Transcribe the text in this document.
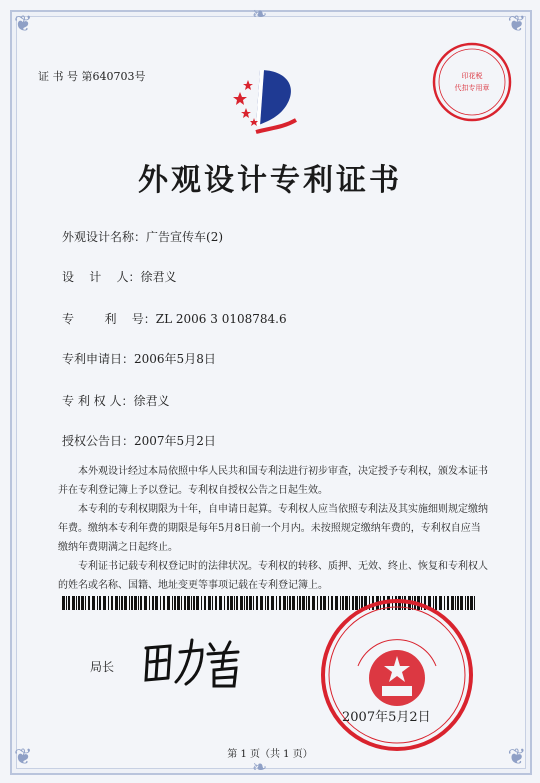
❦	❦
❦	❦
❧
❧
证 书 号 第640703号	印花税
代扣专用章
外观设计专利证书
外观设计名称：广告宣传车(2)
设    计    人：徐君义
专        利    号：ZL 2006 3 0108784.6
专利申请日：2006年5月8日
专 利 权 人：徐君义
授权公告日：2007年5月2日

本外观设计经过本局依照中华人民共和国专利法进行初步审查，决定授予专利权，颁发本证书并在专利登记簿上予以登记。专利权自授权公告之日起生效。

本专利的专利权期限为十年，自申请日起算。专利权人应当依照专利法及其实施细则规定缴纳年费。缴纳本专利年费的期限是每年5月8日前一个月内。未按照规定缴纳年费的，专利权自应当缴纳年费期满之日起终止。

专利证书记载专利权登记时的法律状况。专利权的转移、质押、无效、终止、恢复和专利权人的姓名或名称、国籍、地址变更等事项记载在专利登记簿上。

局长
2007年5月2日
第 1 页（共 1 页）
